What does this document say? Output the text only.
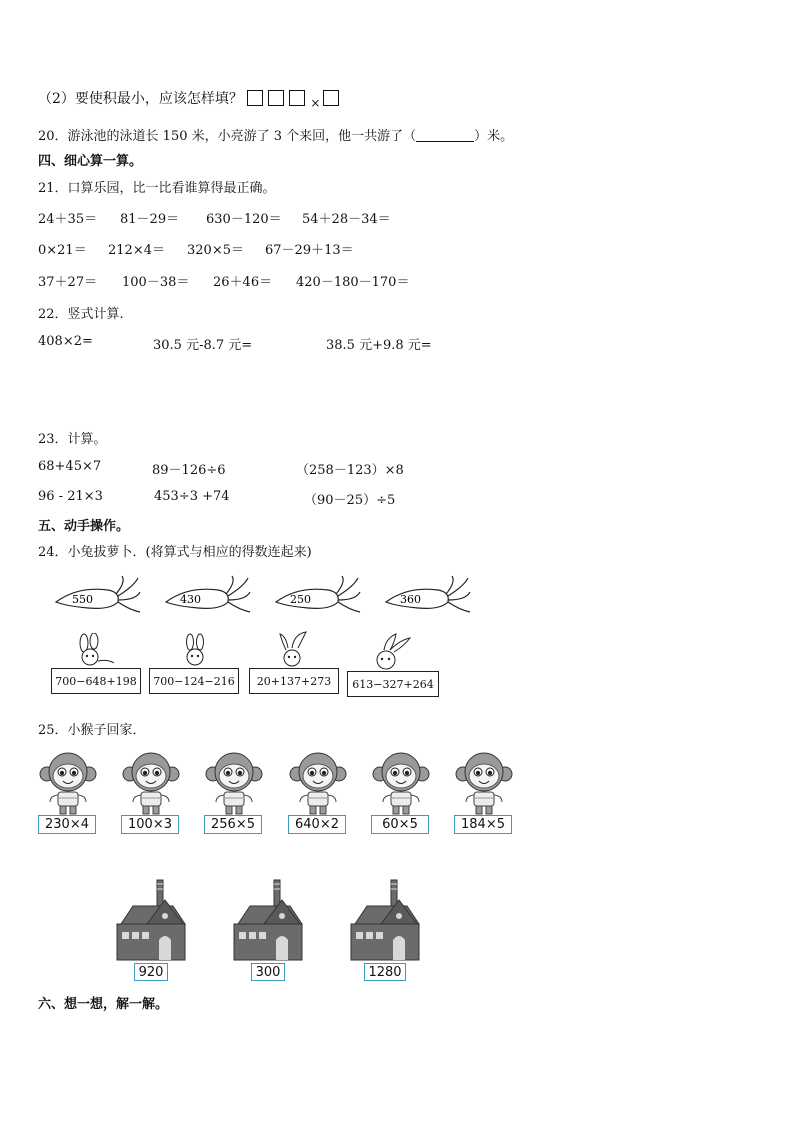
（2）要使积最小，应该怎样填？	×
20．游泳池的泳道长 150 米，小亮游了 3 个来回，他一共游了（	）米。
四、细心算一算。
21．口算乐园，比一比看谁算得最正确。
24＋35＝ 81－29＝ 630－120＝ 54＋28－34＝
0×21＝ 212×4＝ 320×5＝ 67－29＋13＝
37＋27＝ 100－38＝ 26＋46＝ 420－180－170＝
22．竖式计算.
408×2=	30.5 元-8.7 元=	38.5 元+9.8 元=
23．计算。
68+45×7	89－126÷6	（258－123）×8
96 - 21×3	453÷3 +74	（90－25）÷5
五、动手操作。
24．小兔拔萝卜．(将算式与相应的得数连起来)
550	430	250	360
700−648+198 700−124−216 20+137+273 613−327+264
25．小猴子回家．
230×4	100×3	256×5	640×2	60×5	184×5
920	300	1280
六、想一想，解一解。
